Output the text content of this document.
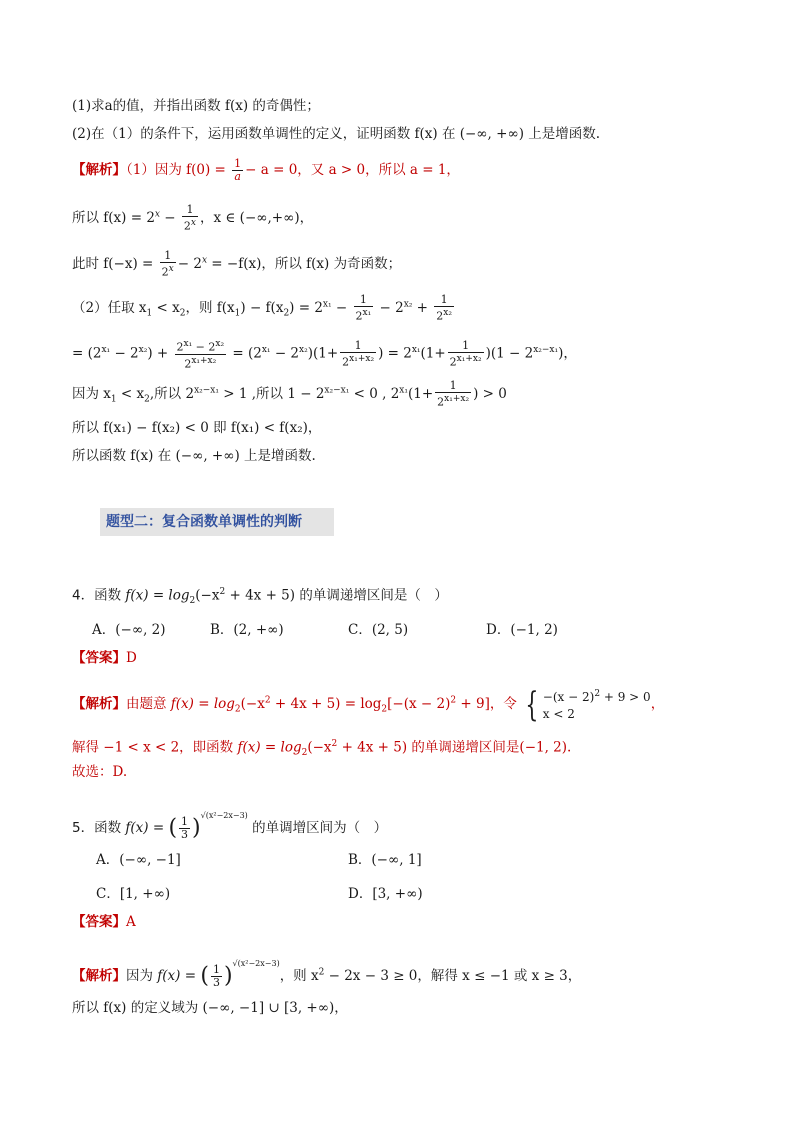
(1)求a的值，并指出函数 f(x) 的奇偶性；
(2)在（1）的条件下，运用函数单调性的定义，证明函数 f(x) 在 (−∞, +∞) 上是增函数.
【解析】（1）因为 $f(0) = \frac{1}{a} - a = 0$，又 a > 0，所以 a = 1，
所以 $f(x) = 2^x - \frac{1}{2^x}$ ，x ∈ (−∞,+∞)，
此时 $f(-x) = \frac{1}{2^x} - 2^x = -f(x)$，所以 f(x) 为奇函数；
（2）任取 $x_1 < x_2$，则 $f(x_1) - f(x_2) = 2^{x_1} - \frac{1}{2^{x_1}} - 2^{x_2} + \frac{1}{2^{x_2}}$
= $(2^{x_1} - 2^{x_2}) + \frac{2^{x_1} - 2^{x_2}}{2^{x_1+x_2}} = (2^{x_1} - 2^{x_2})(1+ \frac{1}{2^{x_1+x_2}}$ ) = $2^{x_1}(1+ \frac{1}{2^{x_1+x_2}} )(1 - 2^{x_2-x_1})$，
因为 $x_1 < x_2$,所以 $2^{x_2-x_1} > 1$ ,所以 $1 - 2^{x_2-x_1} < 0$ , $2^{x_1}(1+ \frac{1}{2^{x_1+x_2}}$ ) > 0
所以 f(x₁) − f(x₂) < 0 即 f(x₁) < f(x₂)，
所以函数 f(x) 在 (−∞, +∞) 上是增函数.
题型二：复合函数单调性的判断
4．函数 $f(x) = \log_2(-x^2 + 4x + 5)$ 的单调递增区间是（　）
A．(−∞, 2)	B．(2, +∞)	C．(2, 5)	D．(−1, 2)
【答案】D
【解析】由题意 $f(x) = \log_2(-x^2 + 4x + 5) = \log_2[-(x - 2)^2 + 9]$，令 { $-(x - 2)^2 + 9 > 0$
x < 2
，
解得 −1 < x < 2，即函数 $f(x) = \log_2(-x^2 + 4x + 5)$ 的单调递增区间是(−1, 2).
故选：D.
5．函数 f(x) = ( $\frac{1}{3} )^{√(x^2-2x-3)}$ 的单调增区间为（　）
A．(−∞, −1]	B．(−∞, 1]
C．[1, +∞)	D．[3, +∞)
【答案】A
【解析】因为 f(x) = ( $\frac{1}{3} )^{√(x^2-2x-3)}$，则 $x^2 - 2x - 3 \ge 0$，解得 x ≤ −1 或 x ≥ 3，
所以 f(x) 的定义域为 (−∞, −1] ∪ [3, +∞)，
